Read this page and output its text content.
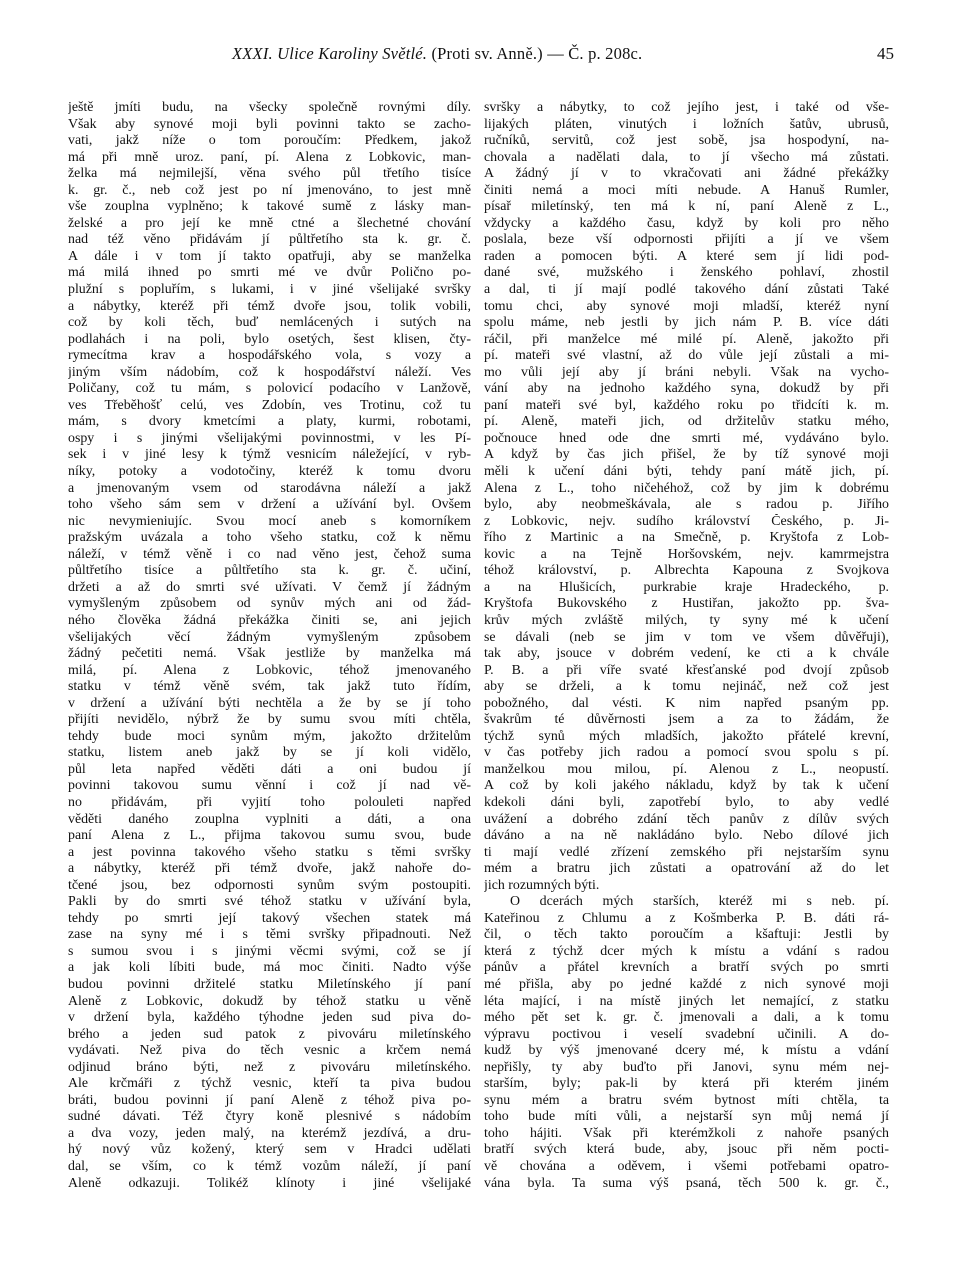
XXXI. Ulice Karoliny Světlé. (Proti sv. Anně.) — Č. p. 208c.	45
ještě jmíti budu, na všecky společně rovnými díly.
Však aby synové moji byli povinni takto se zacho-
vati, jakž níže o tom poroučím: Předkem, jakož
má při mně uroz. paní, pí. Alena z Lobkovic, man-
želka má nejmilejší, věna svého půl třetího tisíce
k. gr. č., neb což jest po ní jmenováno, to jest mně
vše zouplna vyplněno; k takové sumě z lásky man-
želské a pro její ke mně ctné a šlechetné chování
nad též věno přidávám jí půltřetího sta k. gr. č.
A dále i v tom jí takto opatřuji, aby se manželka
má milá ihned po smrti mé ve dvůr Polično po-
plužní s popluřím, s lukami, i v jiné všelijaké svršky
a nábytky, kteréž při témž dvoře jsou, tolik vobili,
což by koli těch, buď nemlácených i sutých na
podlahách i na poli, bylo osetých, šest klisen, čty-
rymecítma krav a hospodářského vola, s vozy a
jiným vším nádobím, což k hospodářství náleží. Ves
Poličany, což tu mám, s polovicí podacího v Lanžově,
ves Třeběhošť celú, ves Zdobín, ves Trotinu, což tu
mám, s dvory kmetcími a platy, kurmi, robotami,
ospy i s jinými všelijakými povinnostmi, v les Pí-
sek i v jiné lesy k týmž vesnicím náležející, v ryb-
níky, potoky a vodotočiny, kteréž k tomu dvoru
a jmenovaným vsem od starodávna náleží a jakž
toho všeho sám sem v držení a užívání byl. Ovšem
nic nevymieniujíc. Svou mocí aneb s komorníkem
pražským uvázala a toho všeho statku, což k němu
náleží, v témž věně i co nad věno jest, čehož suma
půltřetího tisíce a půltřetího sta k. gr. č. učiní,
držeti a až do smrti své užívati. V čemž jí žádným
vymyšleným způsobem od synův mých ani od žád-
ného člověka žádná překážka činiti se, ani jejich
všelijakých věcí žádným vymyšleným způsobem
žádný pečetiti nemá. Však jestliže by manželka má
milá, pí. Alena z Lobkovic, téhož jmenovaného
statku v témž věně svém, tak jakž tuto řídím,
v držení a užívání býti nechtěla a že by se jí toho
přijíti nevidělo, nýbrž že by sumu svou míti chtěla,
tehdy bude moci synům mým, jakožto držitelům
statku, listem aneb jakž by se jí koli vidělo,
půl leta napřed věděti dáti a oni budou jí
povinni takovou sumu věnní i což jí nad vě-
no přidávám, při vyjití toho polouleti napřed
věděti daného zouplna vyplniti a dáti, a ona
paní Alena z L., přijma takovou sumu svou, bude
a jest povinna takového všeho statku s těmi svršky
a nábytky, kteréž při témž dvoře, jakž nahoře do-
tčené jsou, bez odpornosti synům svým postoupiti.
Pakli by do smrti své téhož statku v užívání byla,
tehdy po smrti její takový všechen statek má
zase na syny mé i s těmi svršky připadnouti. Než
s sumou svou i s jinými věcmi svými, což se jí
a jak koli líbiti bude, má moc činiti. Nadto výše
budou povinni držitelé statku Miletínského jí paní
Aleně z Lobkovic, dokudž by téhož statku u věně
v držení byla, každého týhodne jeden sud piva do-
brého a jeden sud patok z pivováru miletínského
vydávati. Než piva do těch vesnic a krčem nemá
odjinud bráno býti, než z pivováru miletínského.
Ale krčmáři z týchž vesnic, kteří ta piva budou
bráti, budou povinni jí paní Aleně z téhož piva po-
sudné dávati. Též čtyry koně plesnivé s nádobím
a dva vozy, jeden malý, na kterémž jezdívá, a dru-
hý nový vůz kožený, který sem v Hradci udělati
dal, se vším, co k témž vozům náleží, jí paní
Aleně odkazuji. Tolikéž klínoty i jiné všelijaké
svršky a nábytky, to což jejího jest, i také od vše-
lijakých pláten, vinutých i ložních šatův, ubrusů,
ručníků, servitů, což jest sobě, jsa hospodyní, na-
chovala a nadělati dala, to jí všecho má zůstati.
A žádný jí v to vkračovati ani žádné překážky
činiti nemá a moci míti nebude. A Hanuš Rumler,
písař miletínský, ten má k ní, paní Aleně z L.,
vždycky a každého času, když by koli pro něho
poslala, beze vší odpornosti přijíti a jí ve všem
raden a pomocen býti. A které sem jí lidi pod-
dané své, mužského i ženského pohlaví, zhostil
a dal, ti jí mají podlé takového dání zůstati Také
tomu chci, aby synové moji mladší, kteréž nyní
spolu máme, neb jestli by jich nám P. B. více dáti
ráčil, při manželce mé milé pí. Aleně, jakožto při
pí. mateři své vlastní, až do vůle její zůstali a mi-
mo vůli její aby jí bráni nebyli. Však na vycho-
vání aby na jednoho každého syna, dokudž by při
paní mateři své byl, každého roku po třidcíti k. m.
pí. Aleně, mateři jich, od držitelův statku mého,
počnouce hned ode dne smrti mé, vydáváno bylo.
A když by čas jich přišel, že by tíž synové moji
měli k učení dáni býti, tehdy paní mátě jich, pí.
Alena z L., toho ničehéhož, což by jim k dobrému
bylo, aby neobmeškávala, ale s radou p. Jiřího
z Lobkovic, nejv. sudího království Českého, p. Ji-
řího z Martinic a na Smečně, p. Kryštofa z Lob-
kovic a na Tejně Horšovském, nejv. kamrmejstra
téhož království, p. Albrechta Kapouna z Svojkova
a na Hlušicích, purkrabie kraje Hradeckého, p.
Kryštofa Bukovského z Hustiřan, jakožto pp. šva-
krův mých zvláště milých, ty syny mé k učení
se dávali (neb se jim v tom ve všem důvěřuji),
tak aby, jsouce v dobrém vedení, ke cti a k chvále
P. B. a při víře svaté křesťanské pod dvojí způsob
aby se drželi, a k tomu nejináč, než což jest
pobožného, dal vésti. K nim napřed psaným pp.
švakrům té důvěrnosti jsem a za to žádám, že
týchž synů mých mladších, jakožto přátelé krevní,
v čas potřeby jich radou a pomocí svou spolu s pí.
manželkou mou milou, pí. Alenou z L., neopustí.
A což by koli jakého nákladu, když by tak k učení
kdekoli dáni byli, zapotřebí bylo, to aby vedlé
uvážení a dobrého zdání těch panův z dílův svých
dáváno a na ně nakládáno bylo. Nebo dílové jich
ti mají vedlé zřízení zemského při nejstarším synu
mém a bratru jich zůstati a opatrování až do let
jich rozumných býti.
O dcerách mých starších, kteréž mi s neb. pí.
Kateřinou z Chlumu a z Košmberka P. B. dáti rá-
čil, o těch takto poroučím a kšaftuji: Jestli by
která z týchž dcer mých k místu a vdání s radou
pánův a přátel krevních a bratří svých po smrti
mé přišla, aby po jedné každé z nich synové moji
léta mající, i na místě jiných let nemající, z statku
mého pět set k. gr. č. jmenovali a dali, a k tomu
výpravu poctivou i veselí svadební učinili. A do-
kudž by výš jmenované dcery mé, k místu a vdání
nepřišly, ty aby buďto při Janovi, synu mém nej-
starším, byly; pak-li by která při kterém jiném
synu mém a bratru svém bytnost míti chtěla, ta
toho bude míti vůli, a nejstarší syn můj nemá jí
toho hájiti. Však při kterémžkoli z nahoře psaných
bratří svých která bude, aby, jsouc při něm pocti-
vě chována a oděvem, i všemi potřebami opatro-
vána byla. Ta suma výš psaná, těch 500 k. gr. č.,
